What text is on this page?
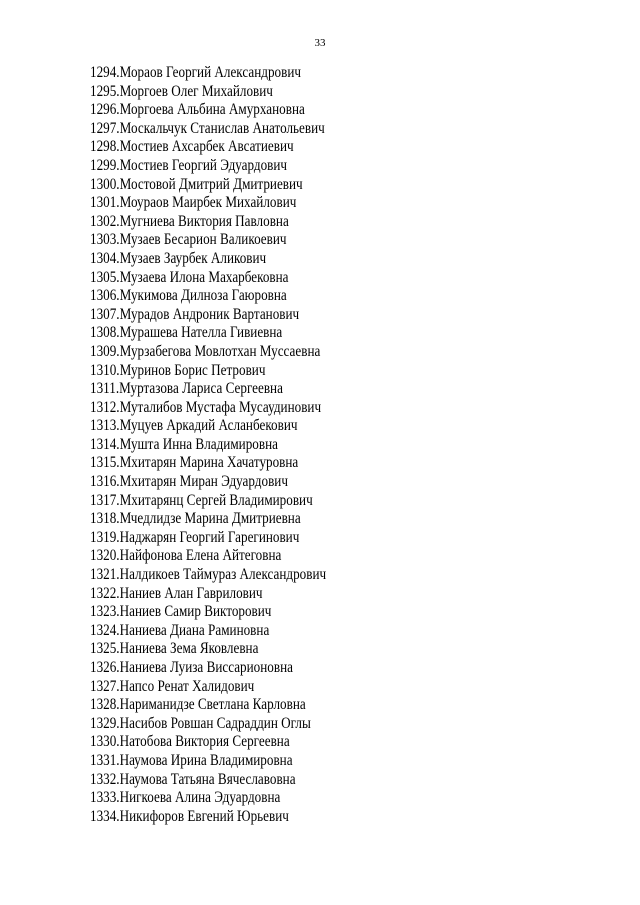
33
1294 . Мораов Георгий Александрович
1295 . Моргоев Олег Михайлович
1296 . Моргоева Альбина Амурхановна
1297 . Москальчук Станислав Анатольевич
1298 . Мостиев Ахсарбек Авсатиевич
1299 . Мостиев Георгий Эдуардович
1300 . Мостовой Дмитрий Дмитриевич
1301 . Моураов Маирбек Михайлович
1302 . Мугниева Виктория Павловна
1303 . Музаев Бесарион Валикоевич
1304 . Музаев Заурбек Аликович
1305 . Музаева Илона Махарбековна
1306 . Мукимова Дилноза Гаюровна
1307 . Мурадов Андроник Вартанович
1308 . Мурашева Нателла Гивиевна
1309 . Мурзабегова Мовлотхан Муссаевна
1310 . Муринов Борис Петрович
1311 . Муртазова Лариса Сергеевна
1312 . Муталибов Мустафа Мусаудинович
1313 . Муцуев Аркадий Асланбекович
1314 . Мушта Инна Владимировна
1315 . Мхитарян Марина Хачатуровна
1316 . Мхитарян Миран Эдуардович
1317 . Мхитарянц Сергей Владимирович
1318 . Мчедлидзе Марина Дмитриевна
1319 . Наджарян Георгий Гарегинович
1320 . Найфонова Елена Айтеговна
1321 . Налдикоев Таймураз Александрович
1322 . Наниев Алан Гаврилович
1323 . Наниев Самир Викторович
1324 . Наниева Диана Раминовна
1325 . Наниева Зема Яковлевна
1326 . Наниева Луиза Виссарионовна
1327 . Напсо Ренат Халидович
1328 . Нариманидзе Светлана Карловна
1329 . Насибов Ровшан Садраддин Оглы
1330 . Натобова Виктория Сергеевна
1331 . Наумова Ирина Владимировна
1332 . Наумова Татьяна Вячеславовна
1333 . Нигкоева Алина Эдуардовна
1334 . Никифоров Евгений Юрьевич
